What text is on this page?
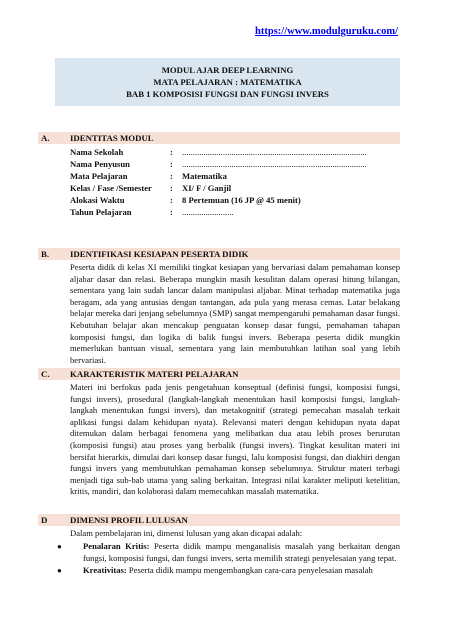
https://www.modulguruku.com/
MODUL AJAR DEEP LEARNING
MATA PELAJARAN : MATEMATIKA
BAB 1 KOMPOSISI FUNGSI DAN FUNGSI INVERS
A. IDENTITAS MODUL
Nama Sekolah	: ......................................................................................
Nama Penyusun	: ......................................................................................
Mata Pelajaran	: Matematika
Kelas / Fase /Semester : XI/ F / Ganjil
Alokasi Waktu	: 8 Pertemuan (16 JP @ 45 menit)
Tahun Pelajaran	: ........................
B. IDENTIFIKASI KESIAPAN PESERTA DIDIK
Peserta didik di kelas XI memiliki tingkat kesiapan yang bervariasi dalam pemahaman konsep aljabar dasar dan relasi. Beberapa mungkin masih kesulitan dalam operasi hitung bilangan, sementara yang lain sudah lancar dalam manipulasi aljabar. Minat terhadap matematika juga beragam, ada yang antusias dengan tantangan, ada pula yang merasa cemas. Latar belakang belajar mereka dari jenjang sebelumnya (SMP) sangat mempengaruhi pemahaman dasar fungsi. Kebutuhan belajar akan mencakup penguatan konsep dasar fungsi, pemahaman tahapan komposisi fungsi, dan logika di balik fungsi invers. Beberapa peserta didik mungkin memerlukan bantuan visual, sementara yang lain membutuhkan latihan soal yang lebih bervariasi.
C. KARAKTERISTIK MATERI PELAJARAN
Materi ini berfokus pada jenis pengetahuan konseptual (definisi fungsi, komposisi fungsi, fungsi invers), prosedural (langkah-langkah menentukan hasil komposisi fungsi, langkah-langkah menentukan fungsi invers), dan metakognitif (strategi pemecahan masalah terkait aplikasi fungsi dalam kehidupan nyata). Relevansi materi dengan kehidupan nyata dapat ditemukan dalam berbagai fenomena yang melibatkan dua atau lebih proses berurutan (komposisi fungsi) atau proses yang berbalik (fungsi invers). Tingkat kesulitan materi ini bersifat hierarkis, dimulai dari konsep dasar fungsi, lalu komposisi fungsi, dan diakhiri dengan fungsi invers yang membutuhkan pemahaman konsep sebelumnya. Struktur materi terbagi menjadi tiga sub-bab utama yang saling berkaitan. Integrasi nilai karakter meliputi ketelitian, kritis, mandiri, dan kolaborasi dalam memecahkan masalah matematika.
D	DIMENSI PROFIL LULUSAN
Dalam pembelajaran ini, dimensi lulusan yang akan dicapai adalah:
● Penalaran Kritis: Peserta didik mampu menganalisis masalah yang berkaitan dengan fungsi, komposisi fungsi, dan fungsi invers, serta memilih strategi penyelesaian yang tepat.
● Kreativitas: Peserta didik mampu mengembangkan cara-cara penyelesaian masalah
